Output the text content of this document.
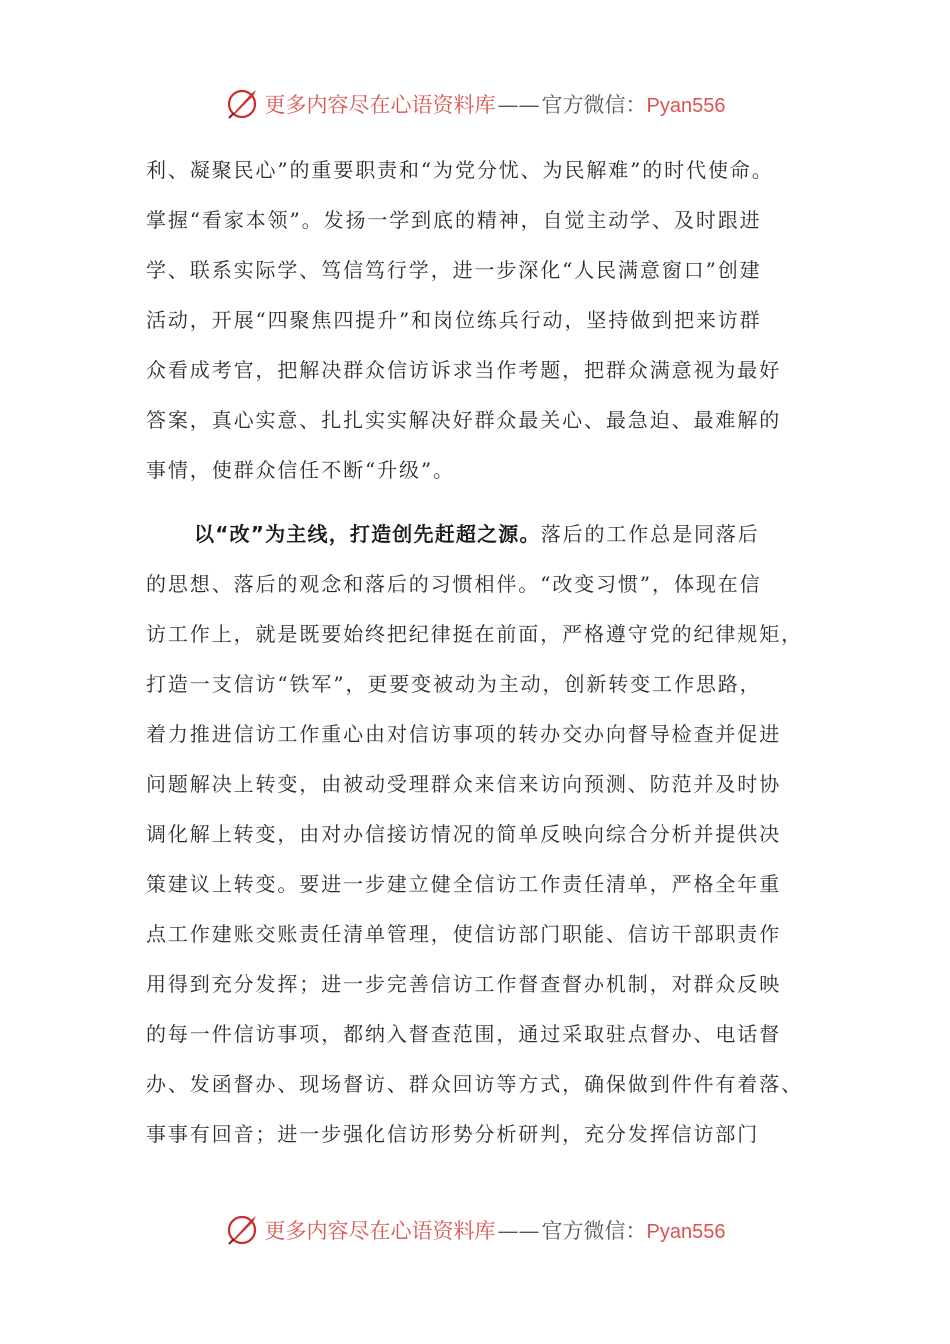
更多内容尽在心语资料库 —— 官方微信： Pyan556
利、凝聚民心”的重要职责和“为党分忧、为民解难”的时代使命。
掌握“看家本领”。发扬一学到底的精神，自觉主动学、及时跟进
学、联系实际学、笃信笃行学，进一步深化“人民满意窗口”创建
活动，开展“四聚焦四提升”和岗位练兵行动，坚持做到把来访群
众看成考官，把解决群众信访诉求当作考题，把群众满意视为最好
答案，真心实意、扎扎实实解决好群众最关心、最急迫、最难解的
事情，使群众信任不断“升级”。
以“改”为主线，打造创先赶超之源。落后的工作总是同落后
的思想、落后的观念和落后的习惯相伴。“改变习惯”，体现在信
访工作上，就是既要始终把纪律挺在前面，严格遵守党的纪律规矩，
打造一支信访“铁军”，更要变被动为主动，创新转变工作思路，
着力推进信访工作重心由对信访事项的转办交办向督导检查并促进
问题解决上转变，由被动受理群众来信来访向预测、防范并及时协
调化解上转变，由对办信接访情况的简单反映向综合分析并提供决
策建议上转变。要进一步建立健全信访工作责任清单，严格全年重
点工作建账交账责任清单管理，使信访部门职能、信访干部职责作
用得到充分发挥；进一步完善信访工作督查督办机制，对群众反映
的每一件信访事项，都纳入督查范围，通过采取驻点督办、电话督
办、发函督办、现场督访、群众回访等方式，确保做到件件有着落、
事事有回音；进一步强化信访形势分析研判，充分发挥信访部门
更多内容尽在心语资料库 —— 官方微信： Pyan556
